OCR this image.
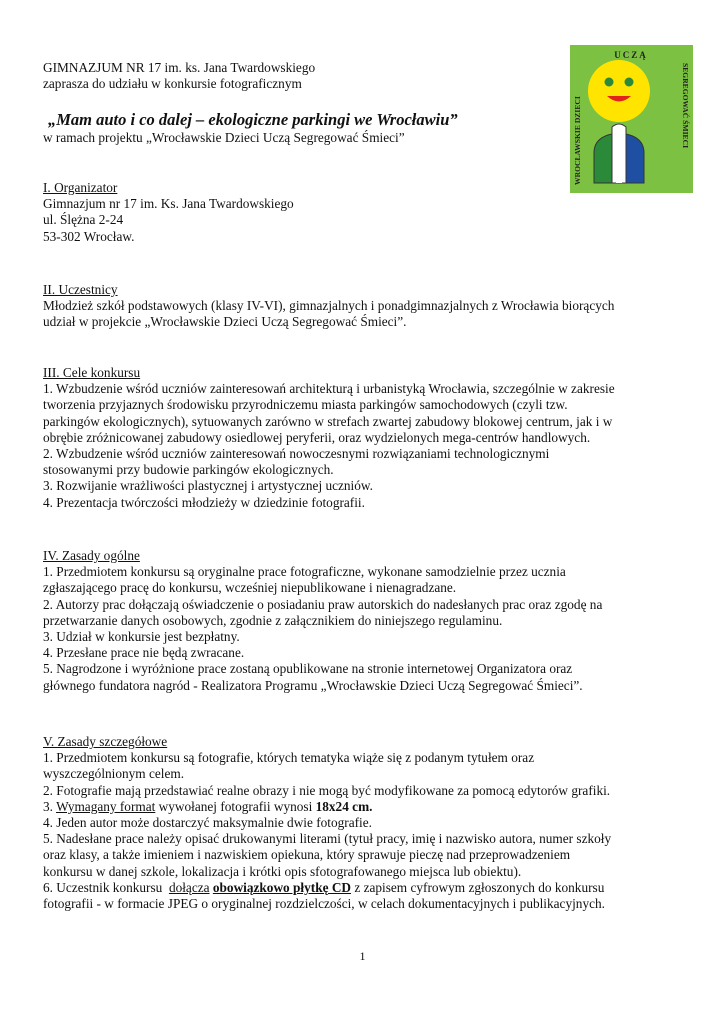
GIMNAZJUM NR 17 im. ks. Jana Twardowskiego
zaprasza do udziału w konkursie fotograficznym
„Mam auto i co dalej – ekologiczne parkingi we Wrocławiu”
w ramach projektu „Wrocławskie Dzieci Uczą Segregować Śmieci”
UCZĄ
WROCŁAWSKIE DZIECI	SEGREGOWAĆ ŚMIECI
I. Organizator
Gimnazjum nr 17 im. Ks. Jana Twardowskiego
ul. Ślężna 2-24
53-302 Wrocław.
II. Uczestnicy
Młodzież szkół podstawowych (klasy IV-VI), gimnazjalnych i ponadgimnazjalnych z Wrocławia biorących
udział w projekcie „Wrocławskie Dzieci Uczą Segregować Śmieci”.
III. Cele konkursu
1. Wzbudzenie wśród uczniów zainteresowań architekturą i urbanistyką Wrocławia, szczególnie w zakresie
tworzenia przyjaznych środowisku przyrodniczemu miasta parkingów samochodowych (czyli tzw.
parkingów ekologicznych), sytuowanych zarówno w strefach zwartej zabudowy blokowej centrum, jak i w
obrębie zróżnicowanej zabudowy osiedlowej peryferii, oraz wydzielonych mega-centrów handlowych.
2. Wzbudzenie wśród uczniów zainteresowań nowoczesnymi rozwiązaniami technologicznymi
stosowanymi przy budowie parkingów ekologicznych.
3. Rozwijanie wrażliwości plastycznej i artystycznej uczniów.
4. Prezentacja twórczości młodzieży w dziedzinie fotografii.
IV. Zasady ogólne
1. Przedmiotem konkursu są oryginalne prace fotograficzne, wykonane samodzielnie przez ucznia
zgłaszającego pracę do konkursu, wcześniej niepublikowane i nienagradzane.
2. Autorzy prac dołączają oświadczenie o posiadaniu praw autorskich do nadesłanych prac oraz zgodę na
przetwarzanie danych osobowych, zgodnie z załącznikiem do niniejszego regulaminu.
3. Udział w konkursie jest bezpłatny.
4. Przesłane prace nie będą zwracane.
5. Nagrodzone i wyróżnione prace zostaną opublikowane na stronie internetowej Organizatora oraz
głównego fundatora nagród - Realizatora Programu „Wrocławskie Dzieci Uczą Segregować Śmieci”.
V. Zasady szczegółowe
1. Przedmiotem konkursu są fotografie, których tematyka wiąże się z podanym tytułem oraz
wyszczególnionym celem.
2. Fotografie mają przedstawiać realne obrazy i nie mogą być modyfikowane za pomocą edytorów grafiki.
3. Wymagany format wywołanej fotografii wynosi 18x24 cm.
4. Jeden autor może dostarczyć maksymalnie dwie fotografie.
5. Nadesłane prace należy opisać drukowanymi literami (tytuł pracy, imię i nazwisko autora, numer szkoły
oraz klasy, a także imieniem i nazwiskiem opiekuna, który sprawuje pieczę nad przeprowadzeniem
konkursu w danej szkole, lokalizacja i krótki opis sfotografowanego miejsca lub obiektu).
6. Uczestnik konkursu  dołącza obowiązkowo płytkę CD z zapisem cyfrowym zgłoszonych do konkursu
fotografii - w formacie JPEG o oryginalnej rozdzielczości, w celach dokumentacyjnych i publikacyjnych.
1
